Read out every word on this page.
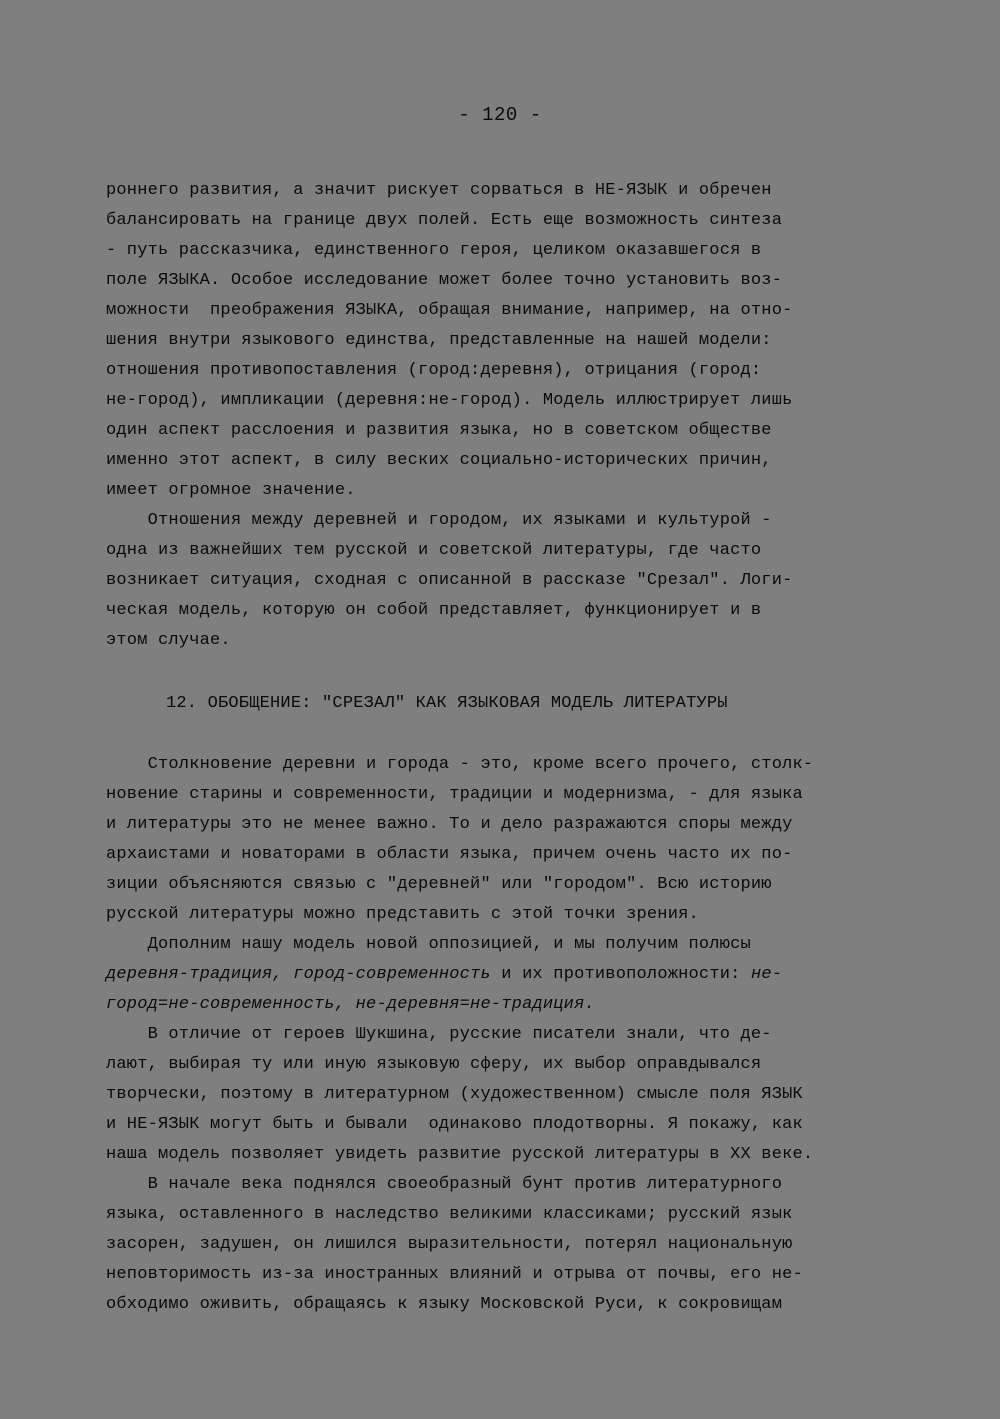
- 120 -
роннего развития, а значит рискует сорваться в НЕ-ЯЗЫК и обречен
балансировать на границе двух полей. Есть еще возможность синтеза
- путь рассказчика, единственного героя, целиком оказавшегося в
поле ЯЗЫКА. Особое исследование может более точно установить воз-
можности  преображения ЯЗЫКА, обращая внимание, например, на отно-
шения внутри языкового единства, представленные на нашей модели:
отношения противопоставления (город:деревня), отрицания (город:
не-город), импликации (деревня:не-город). Модель иллюстрирует лишь
один аспект расслоения и развития языка, но в советском обществе
именно этот аспект, в силу веских социально-исторических причин,
имеет огромное значение.
Отношения между деревней и городом, их языками и культурой -
одна из важнейших тем русской и советской литературы, где часто
возникает ситуация, сходная с описанной в рассказе "Срезал". Логи-
ческая модель, которую он собой представляет, функционирует и в
этом случае.
12. ОБОБЩЕНИЕ: "СРЕЗАЛ" КАК ЯЗЫКОВАЯ МОДЕЛЬ ЛИТЕРАТУРЫ
Столкновение деревни и города - это, кроме всего прочего, столк-
новение старины и современности, традиции и модернизма, - для языка
и литературы это не менее важно. То и дело разражаются споры между
архаистами и новаторами в области языка, причем очень часто их по-
зиции объясняются связью с "деревней" или "городом". Всю историю
русской литературы можно представить с этой точки зрения.
Дополним нашу модель новой оппозицией, и мы получим полюсы
деревня-традиция, город-современность и их противоположности: не-
город=не-современность, не-деревня=не-традиция.
В отличие от героев Шукшина, русские писатели знали, что де-
лают, выбирая ту или иную языковую сферу, их выбор оправдывался
творчески, поэтому в литературном (художественном) смысле поля ЯЗЫК
и НЕ-ЯЗЫК могут быть и бывали  одинаково плодотворны. Я покажу, как
наша модель позволяет увидеть развитие русской литературы в XX веке.
В начале века поднялся своеобразный бунт против литературного
языка, оставленного в наследство великими классиками; русский язык
засорен, задушен, он лишился выразительности, потерял национальную
неповторимость из-за иностранных влияний и отрыва от почвы, его не-
обходимо оживить, обращаясь к языку Московской Руси, к сокровищам
